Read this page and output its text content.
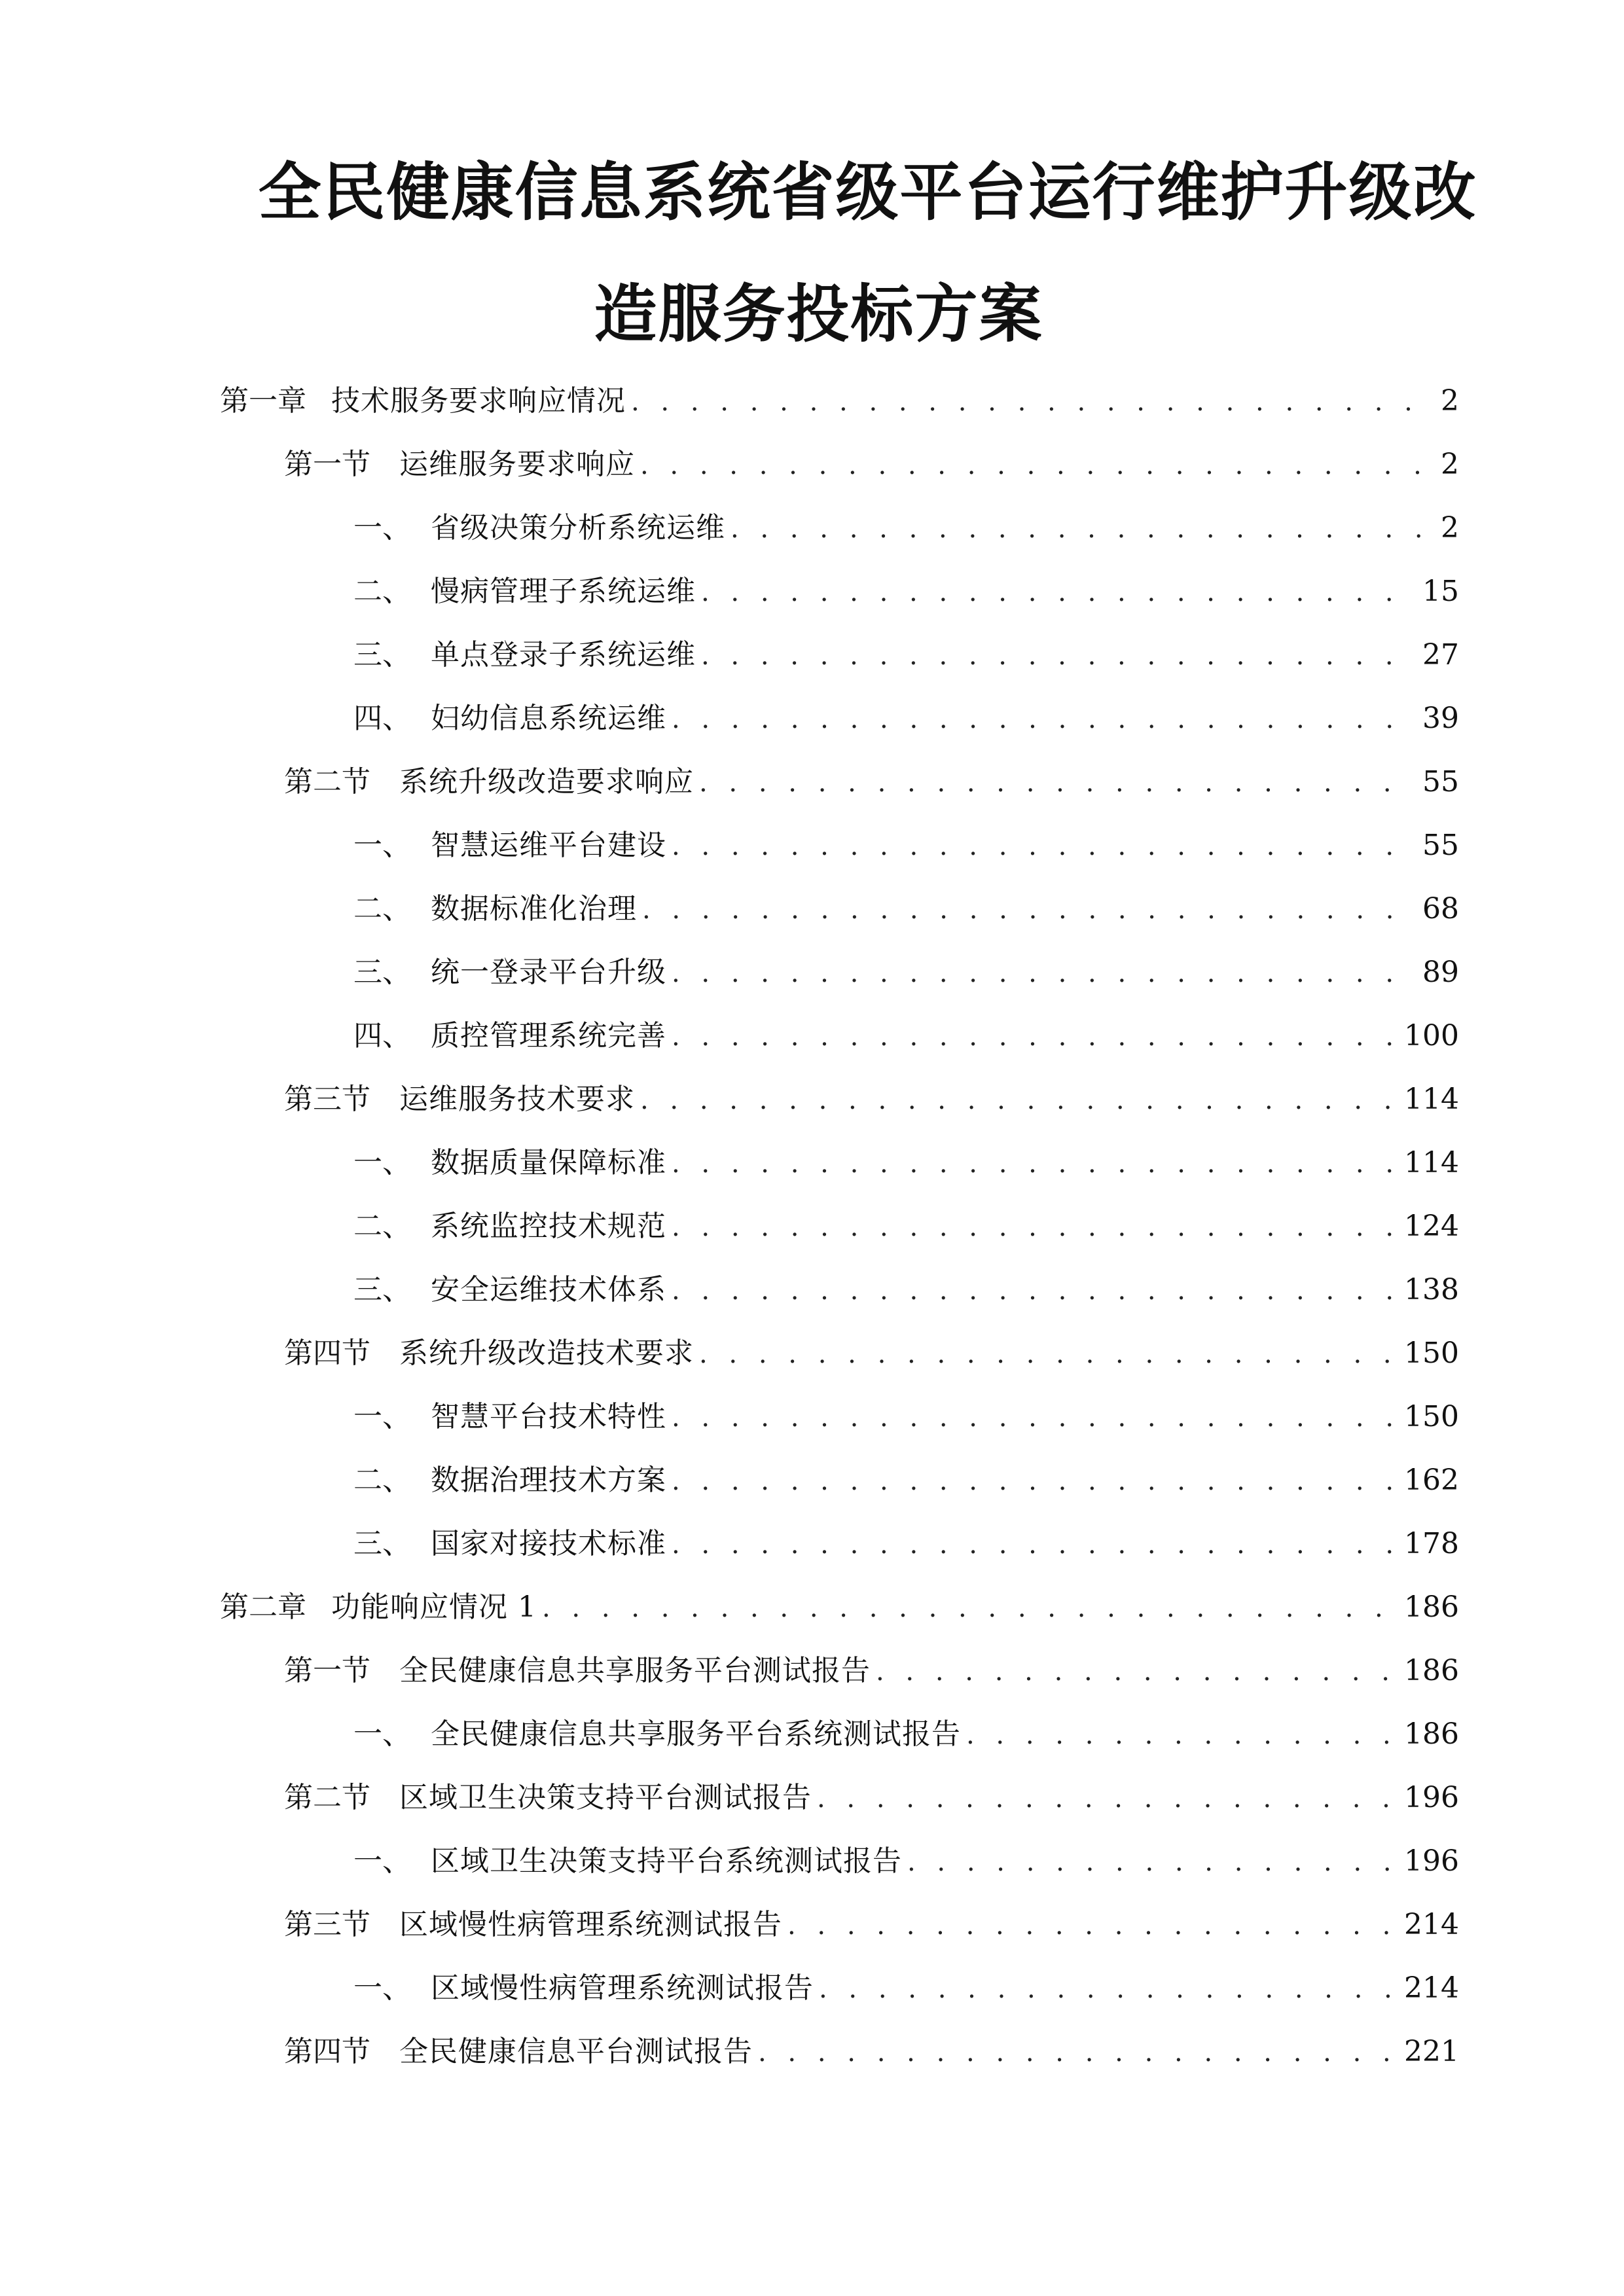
全民健康信息系统省级平台运行维护升级改
造服务投标方案
第一章 技术服务要求响应情况 . . .	2
第一节	运维服务要求响应 . . .	2
一、 省级决策分析系统运维 . . .	2
二、 慢病管理子系统运维 . . .	15
三、 单点登录子系统运维 . . .	27
四、 妇幼信息系统运维 . . .	39
第二节	系统升级改造要求响应 . . .	55
一、 智慧运维平台建设 . . .	55
二、 数据标准化治理 . . .	68
三、 统一登录平台升级 . . .	89
四、 质控管理系统完善 . . .	100
第三节	运维服务技术要求 . . .	114
一、 数据质量保障标准 . . .	114
二、 系统监控技术规范 . . .	124
三、 安全运维技术体系 . . .	138
第四节	系统升级改造技术要求 . . .	150
一、 智慧平台技术特性 . . .	150
二、 数据治理技术方案 . . .	162
三、 国家对接技术标准 . . .	178
第二章 功能响应情况 1 . . .	186
第一节	全民健康信息共享服务平台测试报告 . . .	186
一、 全民健康信息共享服务平台系统测试报告 . . .	186
第二节	区域卫生决策支持平台测试报告 . . .	196
一、 区域卫生决策支持平台系统测试报告 . . .	196
第三节	区域慢性病管理系统测试报告 . . .	214
一、 区域慢性病管理系统测试报告 . . .	214
第四节	全民健康信息平台测试报告 . . .	221
